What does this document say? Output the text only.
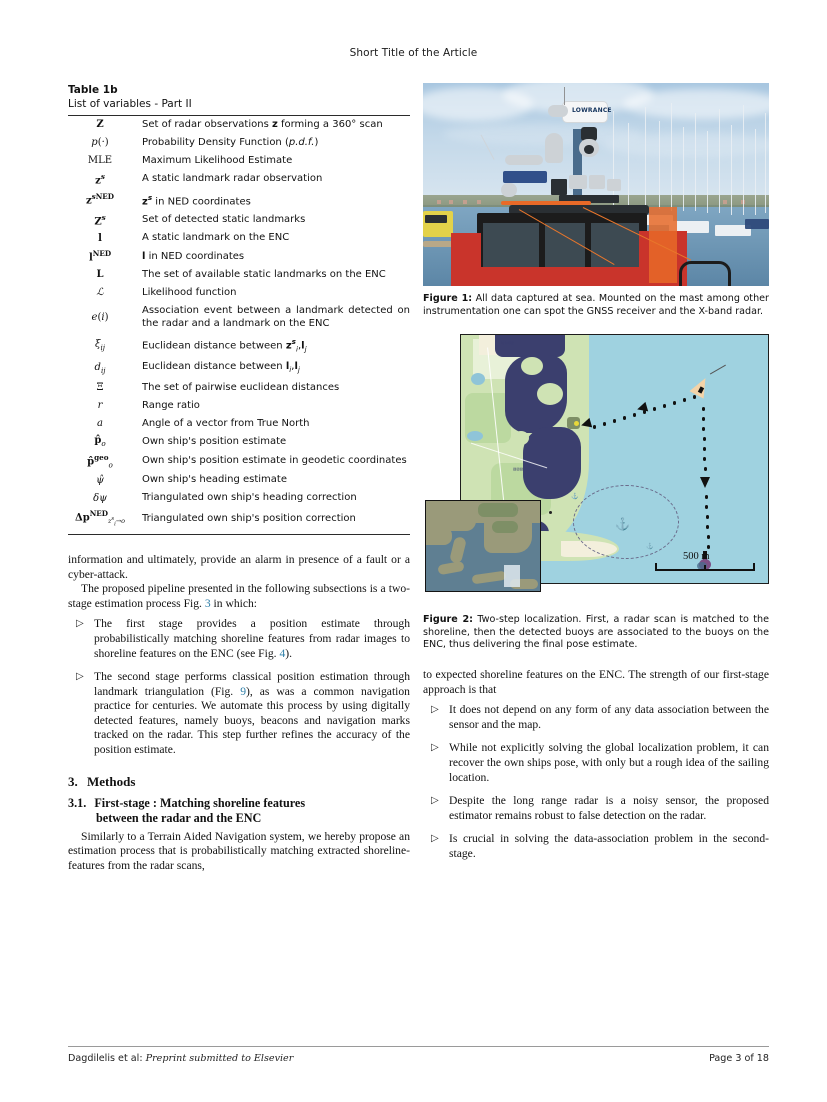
Short Title of the Article
Table 1b
List of variables - Part II
Z	Set of radar observations z forming a 360° scan
p(·)	Probability Density Function (p.d.f.)
MLE	Maximum Likelihood Estimate
$z^s$	A static landmark radar observation
$z^{sNED}$	$z^s$ in NED coordinates
$Z^s$	Set of detected static landmarks
l	A static landmark on the ENC
$l^{NED}$	l in NED coordinates
L	The set of available static landmarks on the ENC
ℒ	Likelihood function
e(i)	Association event between a landmark detected on the radar and a landmark on the ENC
$\xi_{ij}$	Euclidean distance between $z^s_i,l_j$
$d_{ij}$	Euclidean distance between $l_i,l_j$
Ξ	The set of pairwise euclidean distances
r	Range ratio
a	Angle of a vector from True North
$p̂_o$	Own ship's position estimate
p̂$^{geo}_o$	Own ship's position estimate in geodetic coordinates
ψ̂	Own ship's heading estimate
δψ	Triangulated own ship's heading correction
$\Delta p^{NED}_{z^s_i\to o}$	Triangulated own ship's position correction

information and ultimately, provide an alarm in presence of a fault or a cyber-attack.

The proposed pipeline presented in the following subsections is a two-stage estimation process Fig. 3 in which:

▷ The first stage provides a position estimate through probabilistically matching shoreline features from radar images to shoreline features on the ENC (see Fig. 4).
▷ The second stage performs classical position estimation through landmark triangulation (Fig. 9), as was a common navigation practice for centuries. We automate this process by using digitally detected features, namely buoys, beacons and navigation marks tracked on the radar. This step further refines the accuracy of the position estimate.
3. Methods
3.1. First-stage : Matching shoreline features
between the radar and the ENC

Similarly to a Terrain Aided Navigation system, we hereby propose an estimation process that is probabilistically matching extracted shoreline-features from the radar scans,

LOWRANCE
Figure 1: All data captured at sea. Mounted on the mast among other instrumentation one can spot the GNSS receiver and the X-band radar.
▧▧▧▧
▧▧▧
⚓
⚓
⚓
500 m
Figure 2: Two-step localization. First, a radar scan is matched to the shoreline, then the detected buoys are associated to the buoys on the ENC, thus delivering the final pose estimate.

to expected shoreline features on the ENC. The strength of our first-stage approach is that

▷ It does not depend on any form of any data association between the sensor and the map.
▷ While not explicitly solving the global localization problem, it can recover the own ships pose, with only but a rough idea of the sailing location.
▷ Despite the long range radar is a noisy sensor, the proposed estimator remains robust to false detection on the radar.
▷ Is crucial in solving the data-association problem in the second-stage.
Dagdilelis et al: Preprint submitted to Elsevier	Page 3 of 18
